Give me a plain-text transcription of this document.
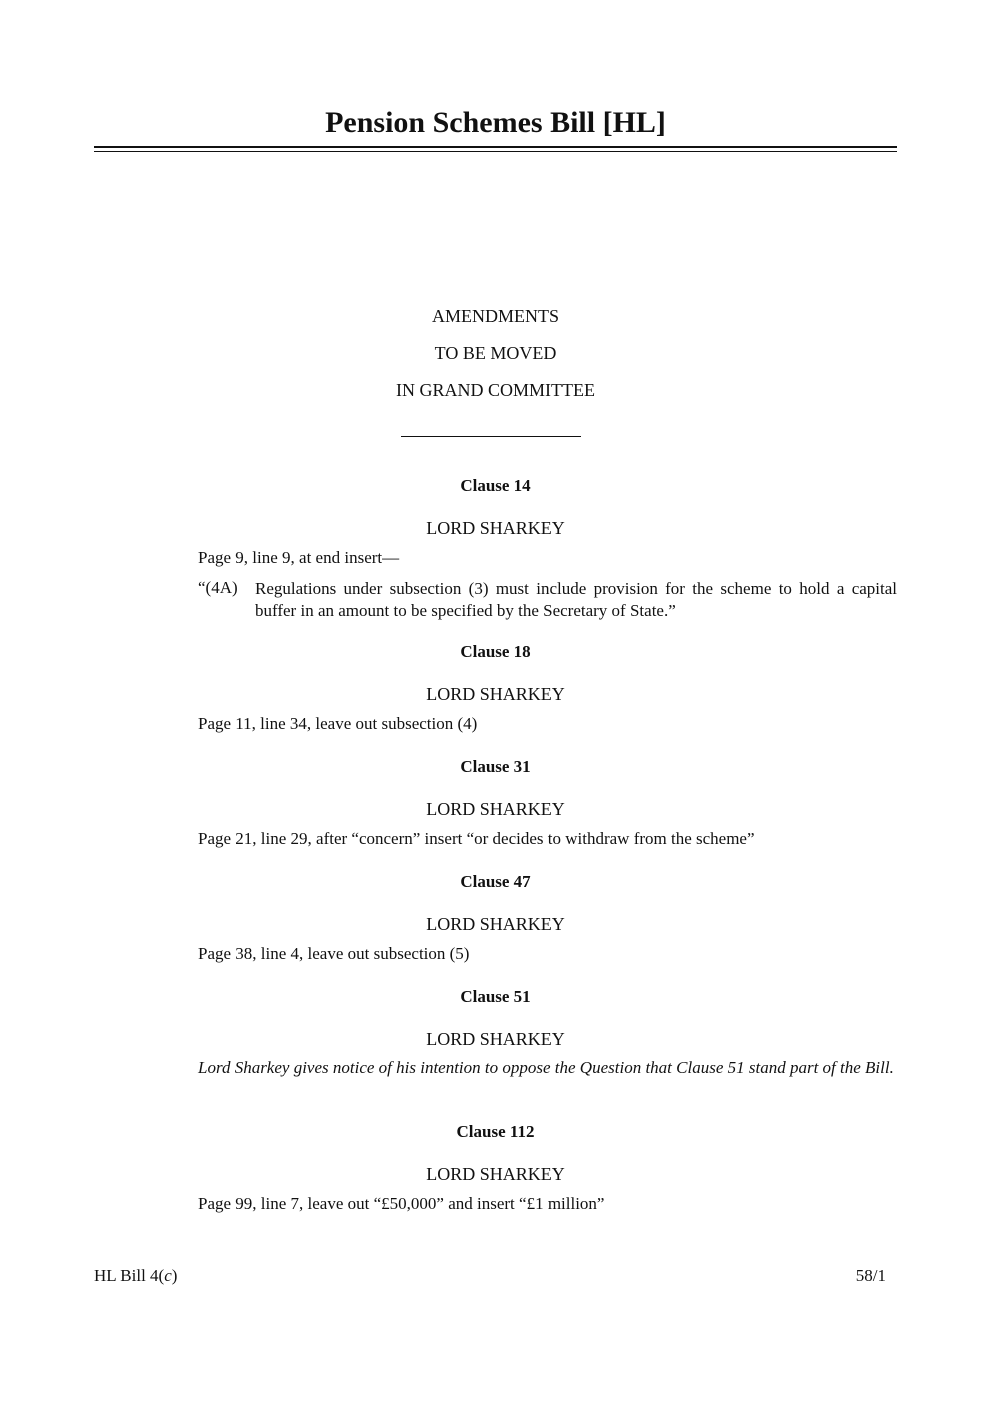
Pension Schemes Bill [HL]
AMENDMENTS
TO BE MOVED
IN GRAND COMMITTEE
Clause 14
LORD SHARKEY
Page 9, line 9, at end insert—
“(4A) Regulations under subsection (3) must include provision for the scheme to hold a capital buffer in an amount to be specified by the Secretary of State.”
Clause 18
LORD SHARKEY
Page 11, line 34, leave out subsection (4)
Clause 31
LORD SHARKEY
Page 21, line 29, after “concern” insert “or decides to withdraw from the scheme”
Clause 47
LORD SHARKEY
Page 38, line 4, leave out subsection (5)
Clause 51
LORD SHARKEY
Lord Sharkey gives notice of his intention to oppose the Question that Clause 51 stand part of the Bill.
Clause 112
LORD SHARKEY
Page 99, line 7, leave out “£50,000” and insert “£1 million”
HL Bill 4(c)	58/1
